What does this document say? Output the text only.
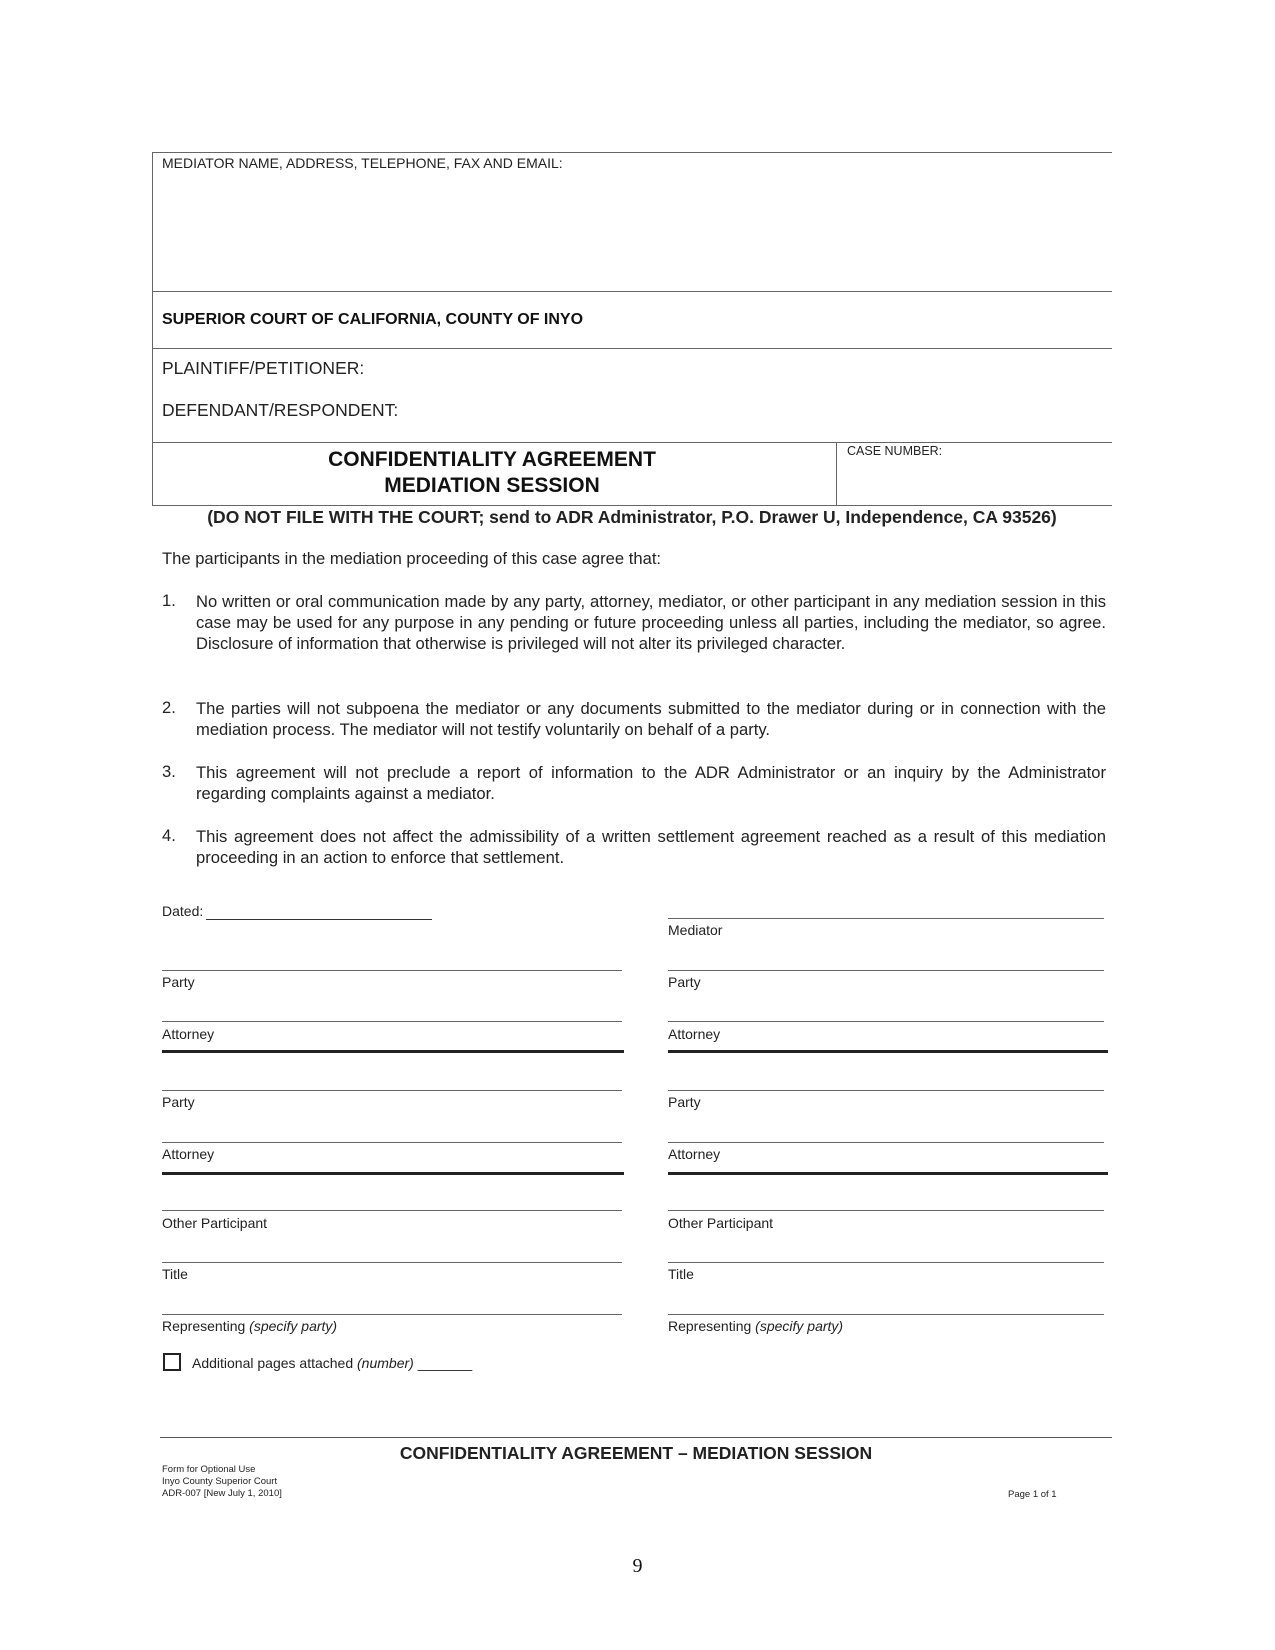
MEDIATOR NAME, ADDRESS, TELEPHONE, FAX AND EMAIL:
SUPERIOR COURT OF CALIFORNIA, COUNTY OF INYO
PLAINTIFF/PETITIONER:
DEFENDANT/RESPONDENT:
CONFIDENTIALITY AGREEMENT
MEDIATION SESSION
CASE NUMBER:
(DO NOT FILE WITH THE COURT; send to ADR Administrator, P.O. Drawer U, Independence, CA 93526)
The participants in the mediation proceeding of this case agree that:
1. No written or oral communication made by any party, attorney, mediator, or other participant in any mediation session in this case may be used for any purpose in any pending or future proceeding unless all parties, including the mediator, so agree. Disclosure of information that otherwise is privileged will not alter its privileged character.
2. The parties will not subpoena the mediator or any documents submitted to the mediator during or in connection with the mediation process. The mediator will not testify voluntarily on behalf of a party.
3. This agreement will not preclude a report of information to the ADR Administrator or an inquiry by the Administrator regarding complaints against a mediator.
4. This agreement does not affect the admissibility of a written settlement agreement reached as a result of this mediation proceeding in an action to enforce that settlement.
Dated:
Mediator
Party	Party
Attorney	Attorney
Party	Party
Attorney	Attorney
Other Participant	Other Participant
Title	Title
Representing (specify party)	Representing (specify party)
Additional pages attached (number) _______
CONFIDENTIALITY AGREEMENT – MEDIATION SESSION
Form for Optional Use
Inyo County Superior Court
ADR-007 [New July 1, 2010]	Page 1 of 1
9
